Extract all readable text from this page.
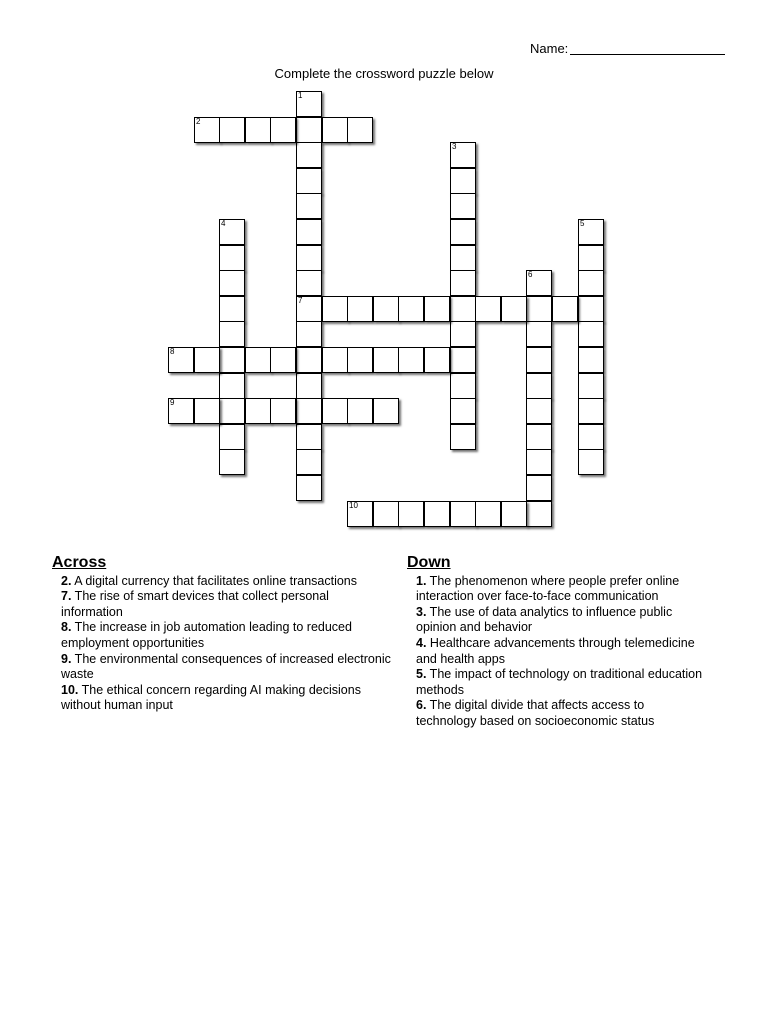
Name:
Complete the crossword puzzle below
1
7
2
3
4	5
6
8
9
10
Across
2. A digital currency that facilitates online transactions
7. The rise of smart devices that collect personal information
8. The increase in job automation leading to reduced employment opportunities
9. The environmental consequences of increased electronic waste
10. The ethical concern regarding AI making decisions without human input
Down
1. The phenomenon where people prefer online interaction over face-to-face communication
3. The use of data analytics to influence public opinion and behavior
4. Healthcare advancements through telemedicine and health apps
5. The impact of technology on traditional education methods
6. The digital divide that affects access to technology based on socioeconomic status
